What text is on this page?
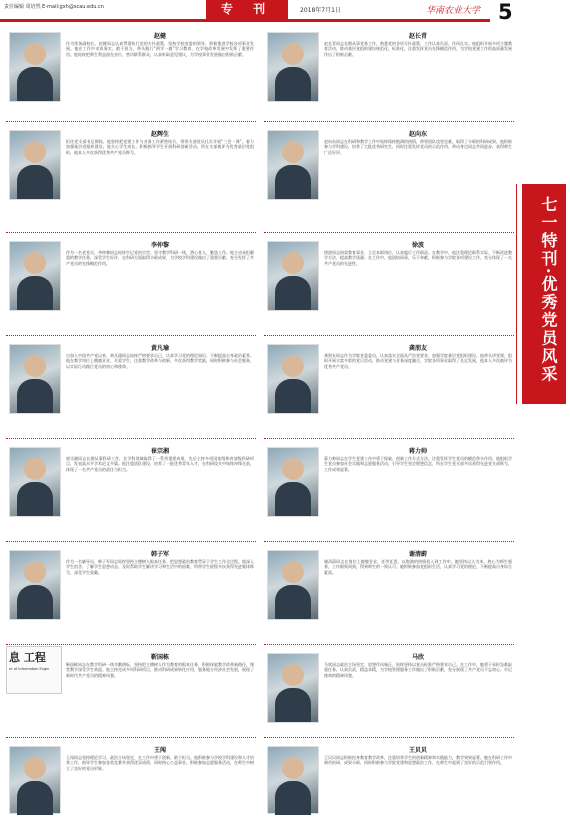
责任编辑 周培然 E-mail:gxh@scau.edu.cn	专 刊	2018年7月1日	华南农业大学 5
七一特刊·优秀党员风采
赵健
作为常务副校长，赵健同志认真贯彻执行党的方针政策，坚持学校党委的领导，积极推进学校各项事业发展。他在工作中求真务实，敢于担当，带头践行“两学一做”学习教育，在学校改革发展中发挥了重要作用。他始终把师生利益放在首位，密切联系群众，认真听取意见建议，为学校事业发展做出积极贡献。
赵辉生
担任党支部书记期间，他坚持把党建工作与业务工作紧密结合，带领支部党员扎实开展“三会一课”，着力加强基层党组织建设。他关心学生成长，积极指导学生开展科研创新活动，所在支部被评为优秀基层党组织，他本人多次获得优秀共产党员称号。
李仲黎
作为一名老党员，李仲黎同志始终牢记党的宗旨，坚守教学科研一线，潜心育人，勤恳工作。他主动承担繁重的教学任务，深受学生好评，在科研方面取得丰硕成果，为学校学科建设做出了重要贡献，充分发挥了共产党员的先锋模范作用。
黄凡瑜
自加入中国共产党以来，黄凡瑜同志始终严格要求自己，认真学习党的理论知识，不断提高自身政治素养。他在教学岗位上兢兢业业，关爱学生，注重教学改革与创新，多次获得教学奖励，同时积极参与社会服务，以实际行动践行党员的初心和使命。
崔宗湘
崔宗湘同志长期从事科研工作，在学科领域取得了一系列重要成果，先后主持多项国家级和省部级科研项目，发表高水平学术论文多篇。他注重团队建设，培养了一批优秀青年人才，在科研攻关中始终冲锋在前，体现了一名共产党员的责任与担当。
韩子军
作为一名辅导员，韩子军同志始终坚持立德树人根本任务，把思想政治教育贯穿于学生工作全过程。他深入学生宿舍，了解学生思想动态，及时帮助学生解决学习和生活中的困难，所带学生班级多次获得先进集体称号，深受学生爱戴。
息 工程
nt of Information Engin
靳国栋
靳国栋同志在教学科研一线辛勤耕耘，坚持把立德树人作为教育的根本任务，积极探索教学改革新路径，课堂教学深受学生欢迎。他主持完成多项科研项目，推动科研成果转化应用，服务地方经济社会发展，展现了新时代共产党员的精神风貌。
王闯
王闯同志坚持理论学习，政治立场坚定，在工作中勇于创新、敢于担当。他积极参与学校学科建设和人才培养工作，指导学生参加各类竞赛并获得优异成绩，同时热心公益事业，积极参加志愿服务活动，在师生中树立了良好的党员形象。
赵长青
赵长青同志长期从事党务工作，熟悉党的各项方针政策，工作认真负责，作风扎实。他组织开展多项主题教育活动，推动基层党组织建设规范化、标准化，注重发挥党员先锋模范作用，为学校党建工作的高质量发展作出了积极贡献。
赵向东
赵向东同志在科研和教学工作中始终保持饱满的热情，带领团队攻坚克难，取得了丰硕的科研成果。他积极参与学科建设，培养了大批优秀研究生，同时注重发挥党员的示范作用，带动身边同志共同进步，获得师生广泛好评。
徐波
徐波同志热爱教育事业，立足本职岗位，认真履行工作职责。在教学中，他注重理论联系实际，不断改进教学方法，提高教学质量；在工作中，他团结同事，乐于奉献，积极参与学院各项建设工作，充分体现了一名共产党员的先进性。
龚朋友
龚朋友同志作为学院党委委员，认真落实全面从严治党要求，加强学院基层党组织建设。他带头讲党课，组织开展丰富多彩的党日活动，推动党建与业务深度融合，学院各项事业取得了长足发展，他本人多次被评为优秀共产党员。
蒋力帅
蒋力帅同志在学生党建工作中勇于探索，创新工作方式方法，注重发挥学生党员的模范带头作用。他组织学生党员参加社会实践和志愿服务活动，引导学生坚定理想信念，所在学生党支部多次获得先进党支部称号，工作成效显著。
谢清蔚
谢清蔚同志在岗位上兢兢业业，任劳任怨，以饱满的热情投入到工作中。她坚持以人为本，热心为师生服务，工作细致周到，得到师生的一致认可。她积极参加党组织生活，认真学习党的理论，不断提高自身综合素质。
马欣
马欣同志政治立场坚定，思想作风端正，始终坚持以党员标准严格要求自己。在工作中，她勇于承担急难险重任务，认真负责，精益求精，为学校管理服务工作做出了积极贡献，充分展现了共产党员不忘初心、牢记使命的精神风貌。
王贝贝
王贝贝同志积极投身教育教学改革，注重培养学生的创新精神和实践能力，教学效果显著。她在科研工作中刻苦钻研，成果丰硕，同时积极参与学院党建和思想政治工作，在师生中起到了良好的示范引领作用。
